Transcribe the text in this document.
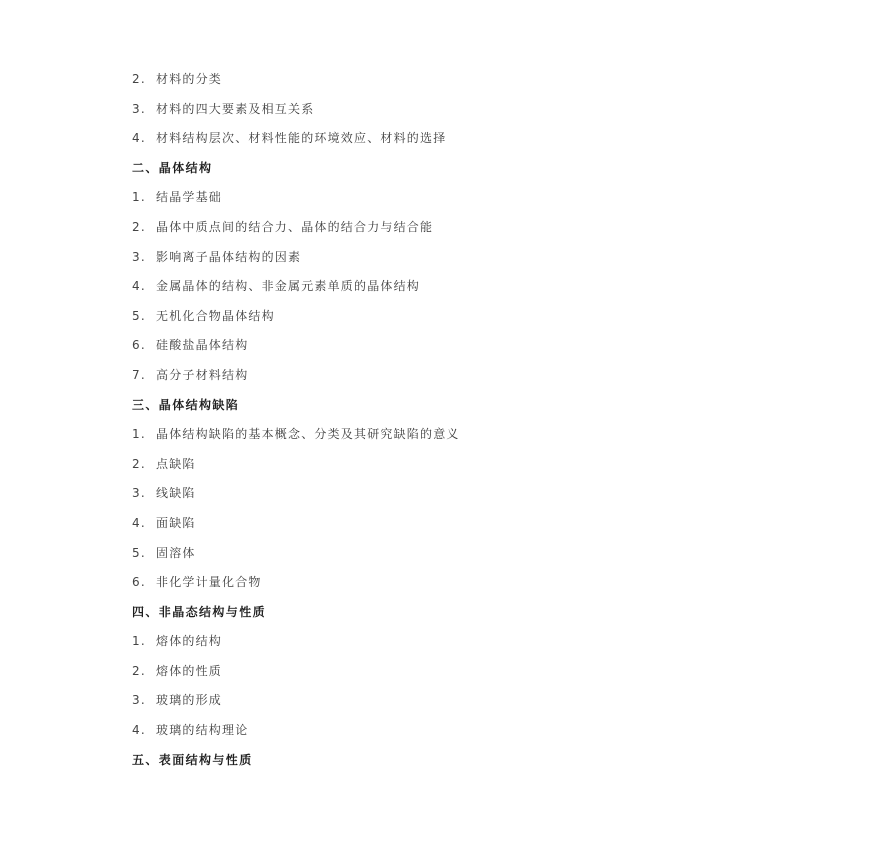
2. 材料的分类
3. 材料的四大要素及相互关系
4. 材料结构层次、材料性能的环境效应、材料的选择
二、晶体结构
1. 结晶学基础
2. 晶体中质点间的结合力、晶体的结合力与结合能
3. 影响离子晶体结构的因素
4. 金属晶体的结构、非金属元素单质的晶体结构
5. 无机化合物晶体结构
6. 硅酸盐晶体结构
7. 高分子材料结构
三、晶体结构缺陷
1. 晶体结构缺陷的基本概念、分类及其研究缺陷的意义
2. 点缺陷
3. 线缺陷
4. 面缺陷
5. 固溶体
6. 非化学计量化合物
四、非晶态结构与性质
1. 熔体的结构
2. 熔体的性质
3. 玻璃的形成
4. 玻璃的结构理论
五、表面结构与性质
